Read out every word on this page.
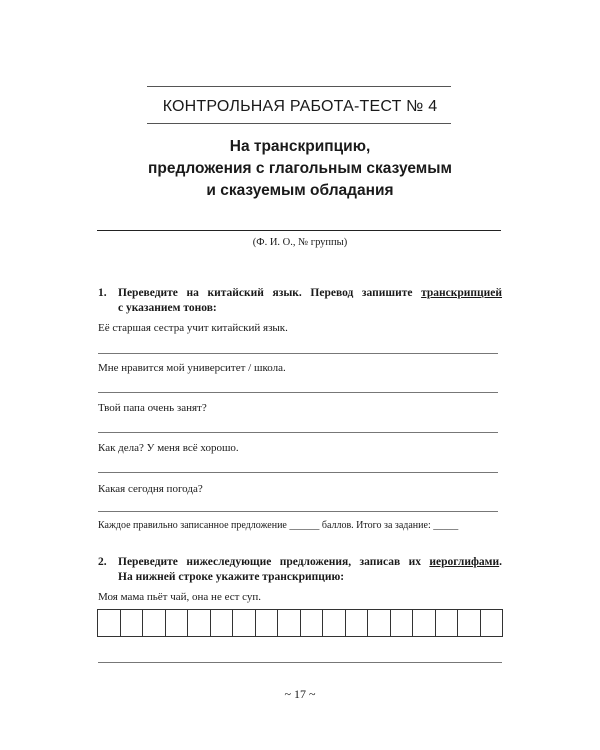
КОНТРОЛЬНАЯ РАБОТА-ТЕСТ № 4
На транскрипцию,
предложения с глагольным сказуемым
и сказуемым обладания
(Ф. И. О., № группы)
1. Переведите на китайский язык. Перевод запишите транскрипцией
с указанием тонов:
Её старшая сестра учит китайский язык.
Мне нравится мой университет / школа.
Твой папа очень занят?
Как дела? У меня всё хорошо.
Какая сегодня погода?
Каждое правильно записанное предложение ______ баллов. Итого за задание: _____
2. Переведите нижеследующие предложения, записав их иероглифами.
На нижней строке укажите транскрипцию:
Моя мама пьёт чай, она не ест суп.
~ 17 ~
